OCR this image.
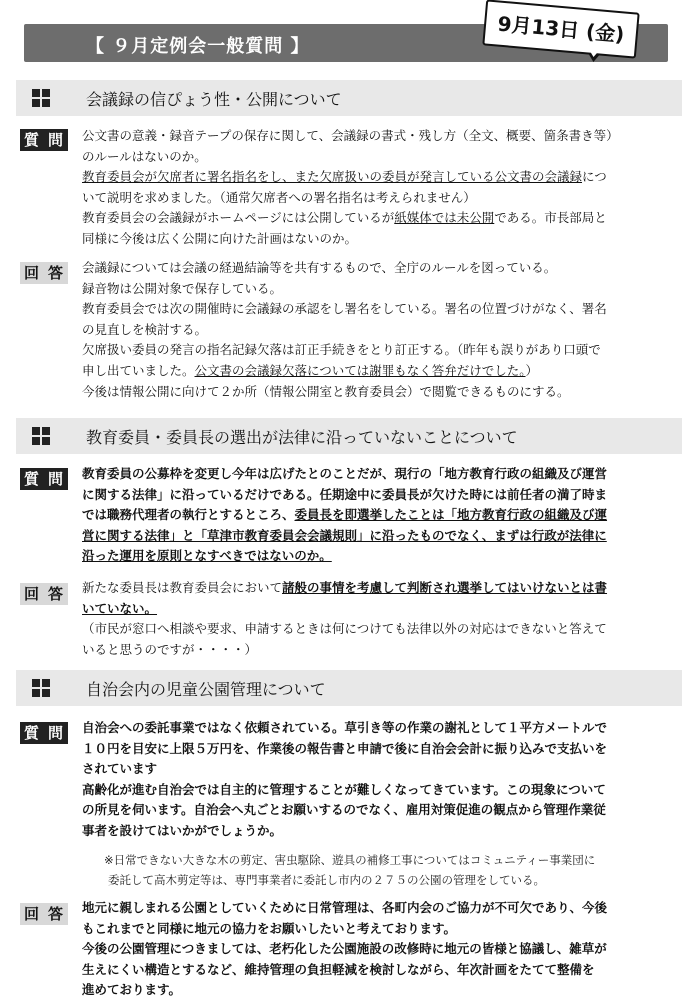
【 ９月定例会一般質問 】
9月13日 (金)
会議録の信ぴょう性・公開について
質 問	公文書の意義・録音テープの保存に関して、会議録の書式・残し方（全文、概要、箇条書き等）

のルールはないのか。

教育委員会が欠席者に署名指名をし、また欠席扱いの委員が発言している公文書の会議録につ

いて説明を求めました。（通常欠席者への署名指名は考えられません）

教育委員会の会議録がホームページには公開しているが紙媒体では未公開である。市長部局と

同様に今後は広く公開に向けた計画はないのか。

回 答	会議録については会議の経過結論等を共有するもので、全庁のルールを図っている。

録音物は公開対象で保存している。

教育委員会では次の開催時に会議録の承認をし署名をしている。署名の位置づけがなく、署名

の見直しを検討する。

欠席扱い委員の発言の指名記録欠落は訂正手続きをとり訂正する。（昨年も誤りがあり口頭で

申し出ていました。公文書の会議録欠落については謝罪もなく答弁だけでした。）

今後は情報公開に向けて２か所（情報公開室と教育委員会）で閲覧できるものにする。

教育委員・委員長の選出が法律に沿っていないことについて
質 問	教育委員の公募枠を変更し今年は広げたとのことだが、現行の「地方教育行政の組織及び運営

に関する法律」に沿っているだけである。任期途中に委員長が欠けた時には前任者の満了時ま

では職務代理者の執行とするところ、委員長を即選挙したことは「地方教育行政の組織及び運

営に関する法律」と「草津市教育委員会会議規則」に沿ったものでなく、まずは行政が法律に

沿った運用を原則となすべきではないのか。

回 答	新たな委員長は教育委員会において諸般の事情を考慮して判断され選挙してはいけないとは書

いていない。

（市民が窓口へ相談や要求、申請するときは何につけても法律以外の対応はできないと答えて

いると思うのですが・・・・）

自治会内の児童公園管理について
質 問	自治会への委託事業ではなく依頼されている。草引き等の作業の謝礼として１平方メートルで

１０円を目安に上限５万円を、作業後の報告書と申請で後に自治会会計に振り込みで支払いを

されています

高齢化が進む自治会では自主的に管理することが難しくなってきています。この現象について

の所見を伺います。自治会へ丸ごとお願いするのでなく、雇用対策促進の観点から管理作業従

事者を設けてはいかがでしょうか。

※日常できない大きな木の剪定、害虫駆除、遊具の補修工事についてはコミュニティー事業団に

委託して高木剪定等は、専門事業者に委託し市内の２７５の公園の管理をしている。

回 答	地元に親しまれる公園としていくために日常管理は、各町内会のご協力が不可欠であり、今後

もこれまでと同様に地元の協力をお願いしたいと考えております。

今後の公園管理につきましては、老朽化した公園施設の改修時に地元の皆様と協議し、雑草が

生えにくい構造とするなど、維持管理の負担軽減を検討しながら、年次計画をたてて整備を

進めております。
